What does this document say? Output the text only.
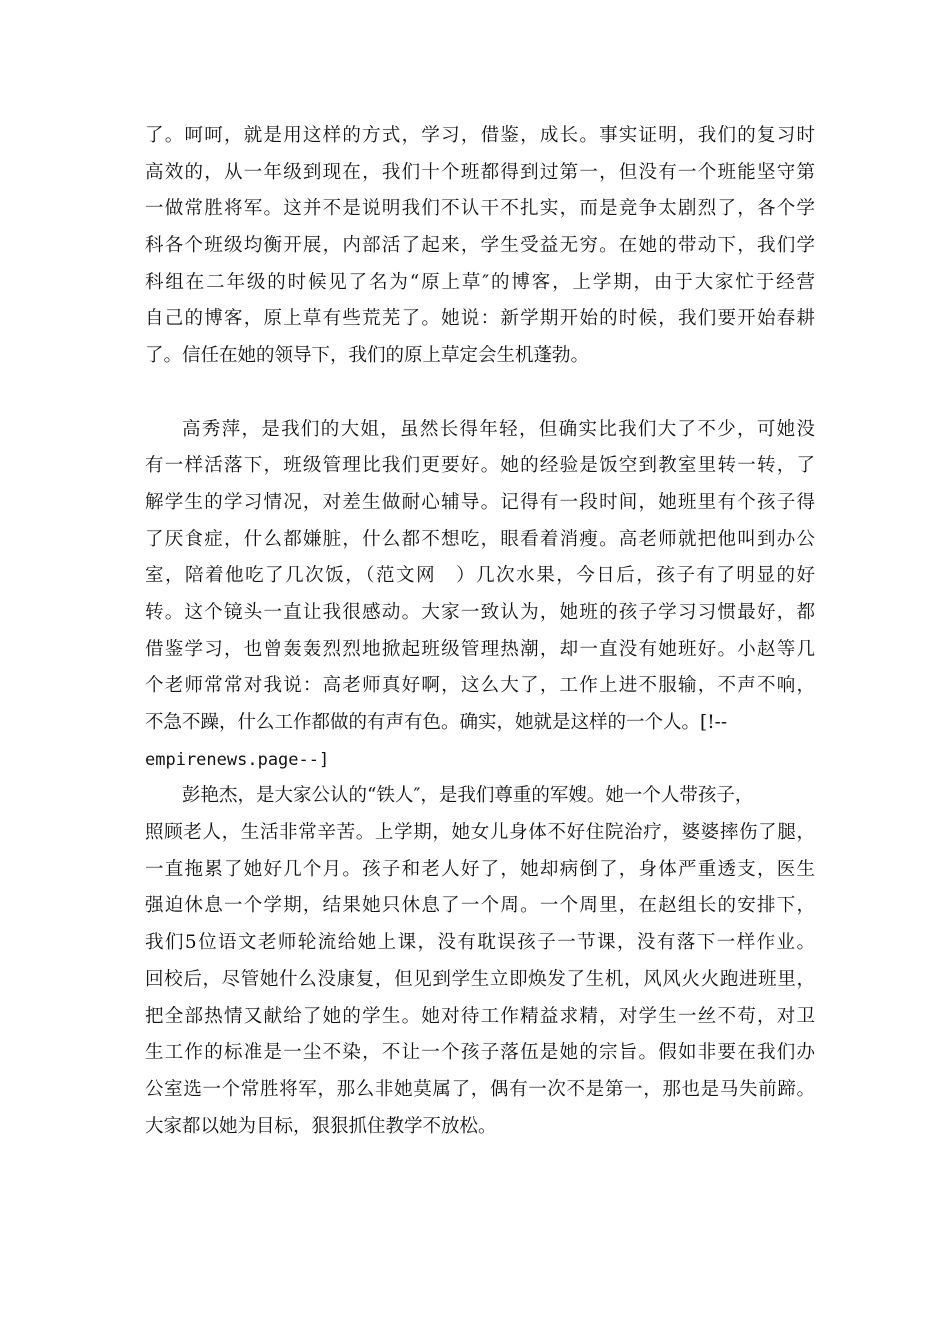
了。呵呵，就是用这样的方式，学习，借鉴，成长。事实证明，我们的复习时
高效的，从一年级到现在，我们十个班都得到过第一，但没有一个班能坚守第
一做常胜将军。这并不是说明我们不认干不扎实，而是竞争太剧烈了，各个学
科各个班级均衡开展，内部活了起来，学生受益无穷。在她的带动下，我们学
科组在二年级的时候见了名为“原上草″的博客，上学期，由于大家忙于经营
自己的博客，原上草有些荒芜了。她说：新学期开始的时候，我们要开始春耕
了。信任在她的领导下，我们的原上草定会生机蓬勃。
高秀萍，是我们的大姐，虽然长得年轻，但确实比我们大了不少，可她没
有一样活落下，班级管理比我们更要好。她的经验是饭空到教室里转一转，了
解学生的学习情况，对差生做耐心辅导。记得有一段时间，她班里有个孩子得
了厌食症，什么都嫌脏，什么都不想吃，眼看着消瘦。高老师就把他叫到办公
室，陪着他吃了几次饭，（范文网　）几次水果，今日后，孩子有了明显的好
转。这个镜头一直让我很感动。大家一致认为，她班的孩子学习习惯最好，都
借鉴学习，也曾轰轰烈烈地掀起班级管理热潮，却一直没有她班好。小赵等几
个老师常常对我说：高老师真好啊，这么大了，工作上进不服输，不声不响，
不急不躁，什么工作都做的有声有色。确实，她就是这样的一个人。[!--
empirenews.page--]
彭艳杰，是大家公认的“铁人″，是我们尊重的军嫂。她一个人带孩子，
照顾老人，生活非常辛苦。上学期，她女儿身体不好住院治疗，婆婆摔伤了腿，
一直拖累了她好几个月。孩子和老人好了，她却病倒了，身体严重透支，医生
强迫休息一个学期，结果她只休息了一个周。一个周里，在赵组长的安排下，
我们5位语文老师轮流给她上课，没有耽误孩子一节课，没有落下一样作业。
回校后，尽管她什么没康复，但见到学生立即焕发了生机，风风火火跑进班里，
把全部热情又献给了她的学生。她对待工作精益求精，对学生一丝不苟，对卫
生工作的标准是一尘不染，不让一个孩子落伍是她的宗旨。假如非要在我们办
公室选一个常胜将军，那么非她莫属了，偶有一次不是第一，那也是马失前蹄。
大家都以她为目标，狠狠抓住教学不放松。
